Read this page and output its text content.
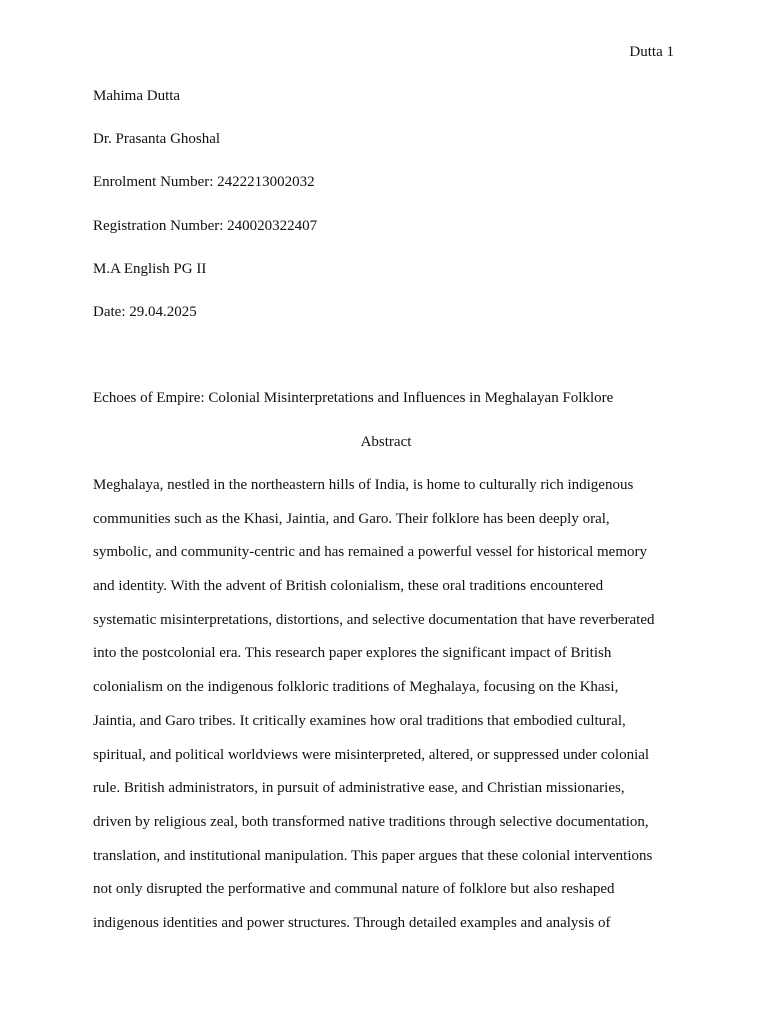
Dutta 1
Mahima Dutta
Dr. Prasanta Ghoshal
Enrolment Number: 2422213002032
Registration Number: 240020322407
M.A English PG II
Date: 29.04.2025
Echoes of Empire: Colonial Misinterpretations and Influences in Meghalayan Folklore
Abstract
Meghalaya, nestled in the northeastern hills of India, is home to culturally rich indigenous
communities such as the Khasi, Jaintia, and Garo. Their folklore has been deeply oral,
symbolic, and community-centric and has remained a powerful vessel for historical memory
and identity. With the advent of British colonialism, these oral traditions encountered
systematic misinterpretations, distortions, and selective documentation that have reverberated
into the postcolonial era. This research paper explores the significant impact of British
colonialism on the indigenous folkloric traditions of Meghalaya, focusing on the Khasi,
Jaintia, and Garo tribes. It critically examines how oral traditions that embodied cultural,
spiritual, and political worldviews were misinterpreted, altered, or suppressed under colonial
rule. British administrators, in pursuit of administrative ease, and Christian missionaries,
driven by religious zeal, both transformed native traditions through selective documentation,
translation, and institutional manipulation. This paper argues that these colonial interventions
not only disrupted the performative and communal nature of folklore but also reshaped
indigenous identities and power structures. Through detailed examples and analysis of
